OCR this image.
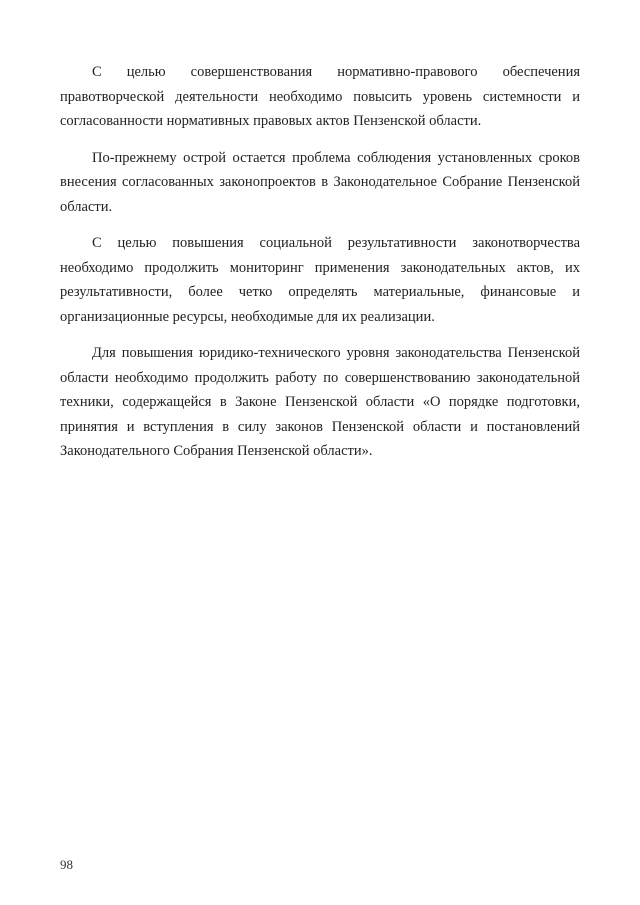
С целью совершенствования нормативно-правового обеспечения правотворческой деятельности необходимо повысить уровень системности и согласованности нормативных правовых актов Пензенской области.

По-прежнему острой остается проблема соблюдения установленных сроков внесения согласованных законопроектов в Законодательное Собрание Пензенской области.

С целью повышения социальной результативности законотворчества необходимо продолжить мониторинг применения законодательных актов, их результативности, более четко определять материальные, финансовые и организационные ресурсы, необходимые для их реализации.

Для повышения юридико-технического уровня законодательства Пензенской области необходимо продолжить работу по совершенствованию законодательной техники, содержащейся в Законе Пензенской области «О порядке подготовки, принятия и вступления в силу законов Пензенской области и постановлений Законодательного Собрания Пензенской области».

98
